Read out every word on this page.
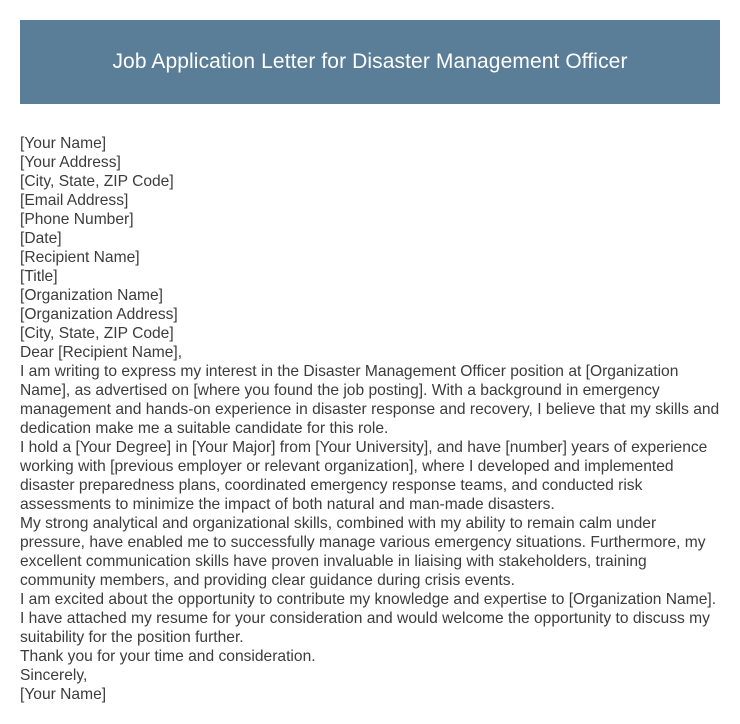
Job Application Letter for Disaster Management Officer
[Your Name]
[Your Address]
[City, State, ZIP Code]
[Email Address]
[Phone Number]
[Date]
[Recipient Name]
[Title]
[Organization Name]
[Organization Address]
[City, State, ZIP Code]
Dear [Recipient Name],

I am writing to express my interest in the Disaster Management Officer position at [Organization Name], as advertised on [where you found the job posting]. With a background in emergency management and hands-on experience in disaster response and recovery, I believe that my skills and dedication make me a suitable candidate for this role.

I hold a [Your Degree] in [Your Major] from [Your University], and have [number] years of experience working with [previous employer or relevant organization], where I developed and implemented disaster preparedness plans, coordinated emergency response teams, and conducted risk assessments to minimize the impact of both natural and man-made disasters.

My strong analytical and organizational skills, combined with my ability to remain calm under pressure, have enabled me to successfully manage various emergency situations. Furthermore, my excellent communication skills have proven invaluable in liaising with stakeholders, training community members, and providing clear guidance during crisis events.

I am excited about the opportunity to contribute my knowledge and expertise to [Organization Name]. I have attached my resume for your consideration and would welcome the opportunity to discuss my suitability for the position further.

Thank you for your time and consideration.

Sincerely,
[Your Name]
